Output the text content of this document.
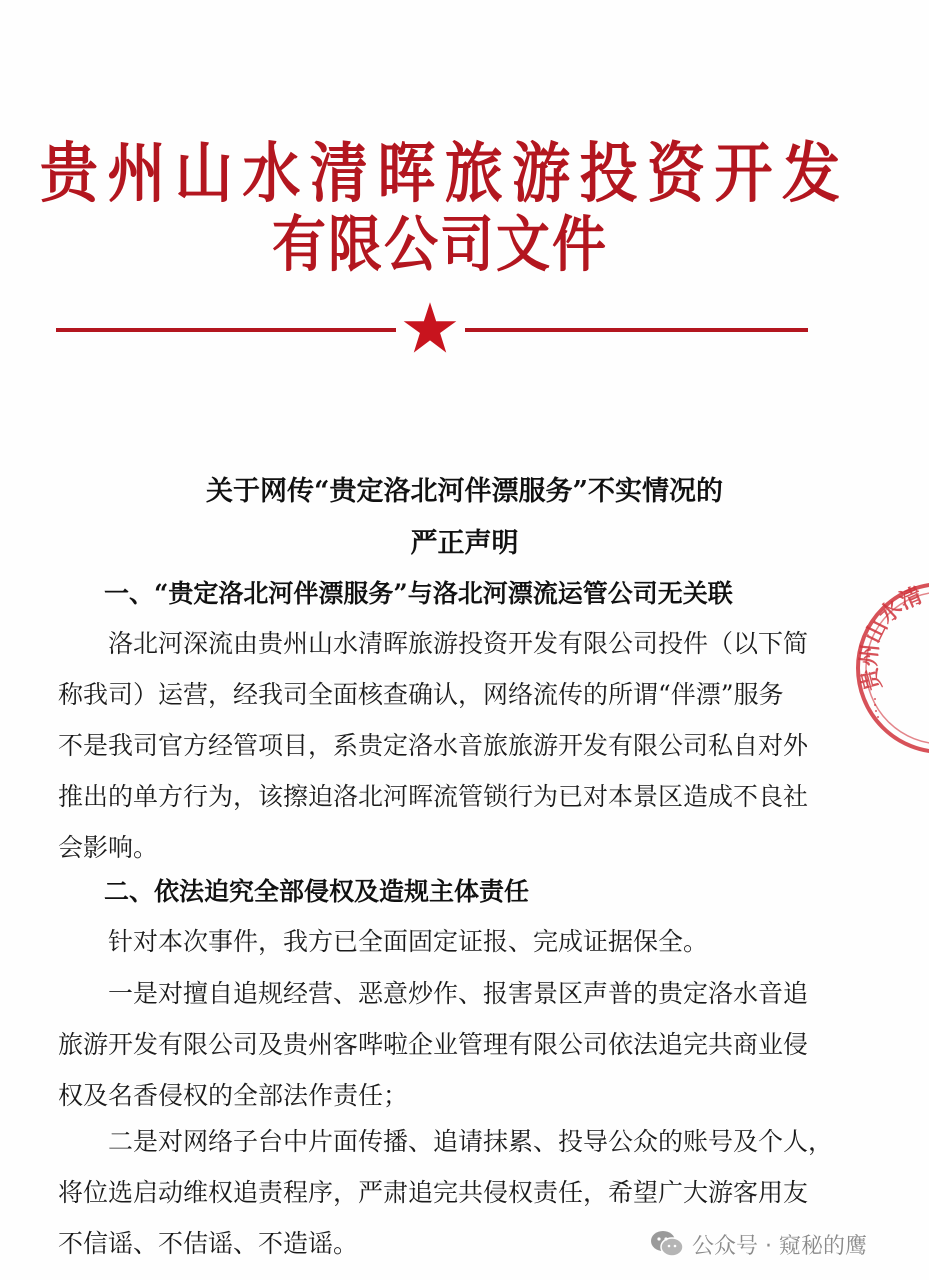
贵 州 山 水 清 晖 旅 游 投 资 开 发
有限公司文件
贵州山水清
关于网传“贵定洛北河伴漂服务”不实情况的
严正声明
一、“贵定洛北河伴漂服务”与洛北河漂流运管公司无关联
洛北河深流由贵州山水清晖旅游投资开发有限公司投件（以下简
称我司）运营，经我司全面核查确认，网络流传的所谓“伴漂”服务
不是我司官方经管项目，系贵定洛水音旅旅游开发有限公司私自对外
推出的单方行为，该擦迫洛北河晖流管锁行为已对本景区造成不良社
会影响。
二、依法迫究全部侵权及造规主体责任
针对本次事件，我方已全面固定证报、完成证据保全。
一是对擅自追规经营、恶意炒作、报害景区声普的贵定洛水音追
旅游开发有限公司及贵州客哔啦企业管理有限公司依法追完共商业侵
权及名香侵权的全部法作责任；
二是对网络子台中片面传播、追请抹累、投导公众的账号及个人，
将位选启动维权追责程序，严肃追完共侵权责任，希望广大游客用友
不信谣、不佶谣、不造谣。	公众号 · 窥秘的鹰
